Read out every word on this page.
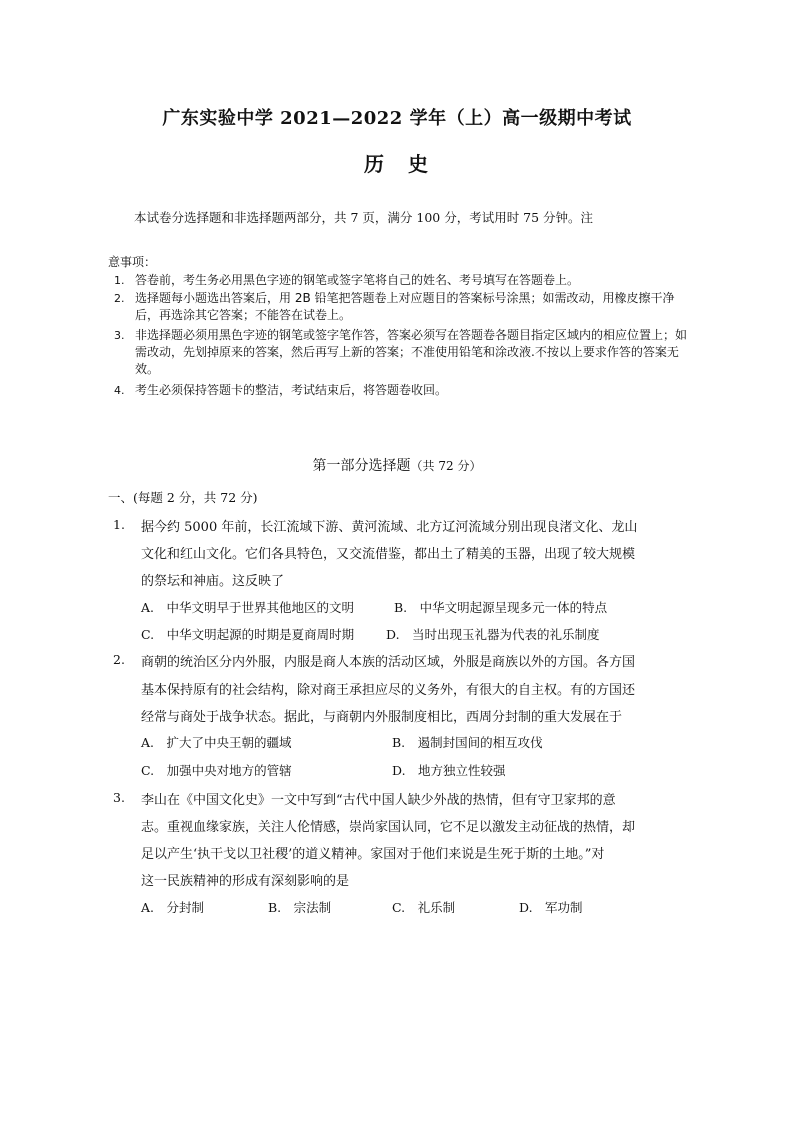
广东实验中学 2021—2022 学年（上）高一级期中考试
历　史
本试卷分选择题和非选择题两部分，共 7 页，满分 100 分，考试用时 75 分钟。注
意事项：
1. 答卷前，考生务必用黑色字迹的钢笔或签字笔将自己的姓名、考号填写在答题卷上。
2. 选择题每小题选出答案后，用 2B 铅笔把答题卷上对应题目的答案标号涂黑；如需改动，用橡皮擦干净后，再选涂其它答案；不能答在试卷上。
3. 非选择题必须用黑色字迹的钢笔或签字笔作答，答案必须写在答题卷各题目指定区域内的相应位置上；如需改动，先划掉原来的答案，然后再写上新的答案；不准使用铅笔和涂改液.不按以上要求作答的答案无效。
4. 考生必须保持答题卡的整洁，考试结束后，将答题卷收回。
第一部分选择题（共 72 分）
一、(每题 2 分，共 72 分)
1. 据今约 5000 年前，长江流域下游、黄河流域、北方辽河流域分别出现良渚文化、龙山
文化和红山文化。它们各具特色，又交流借鉴，都出土了精美的玉器，出现了较大规模
的祭坛和神庙。这反映了
A.　中华文明早于世界其他地区的文明	B.　中华文明起源呈现多元一体的特点
C.　中华文明起源的时期是夏商周时期	D.　当时出现玉礼器为代表的礼乐制度
2. 商朝的统治区分内外服，内服是商人本族的活动区域，外服是商族以外的方国。各方国
基本保持原有的社会结构，除对商王承担应尽的义务外，有很大的自主权。有的方国还
经常与商处于战争状态。据此，与商朝内外服制度相比，西周分封制的重大发展在于
A.　扩大了中央王朝的疆域	B.　遏制封国间的相互攻伐
C.　加强中央对地方的管辖	D.　地方独立性较强
3. 李山在《中国文化史》一文中写到“古代中国人缺少外战的热情，但有守卫家邦的意
志。重视血缘家族，关注人伦情感，崇尚家国认同，它不足以激发主动征战的热情，却
足以产生‘执干戈以卫社稷’的道义精神。家国对于他们来说是生死于斯的土地。”对
这一民族精神的形成有深刻影响的是
A.　分封制	B.　宗法制	C.　礼乐制	D.　军功制
